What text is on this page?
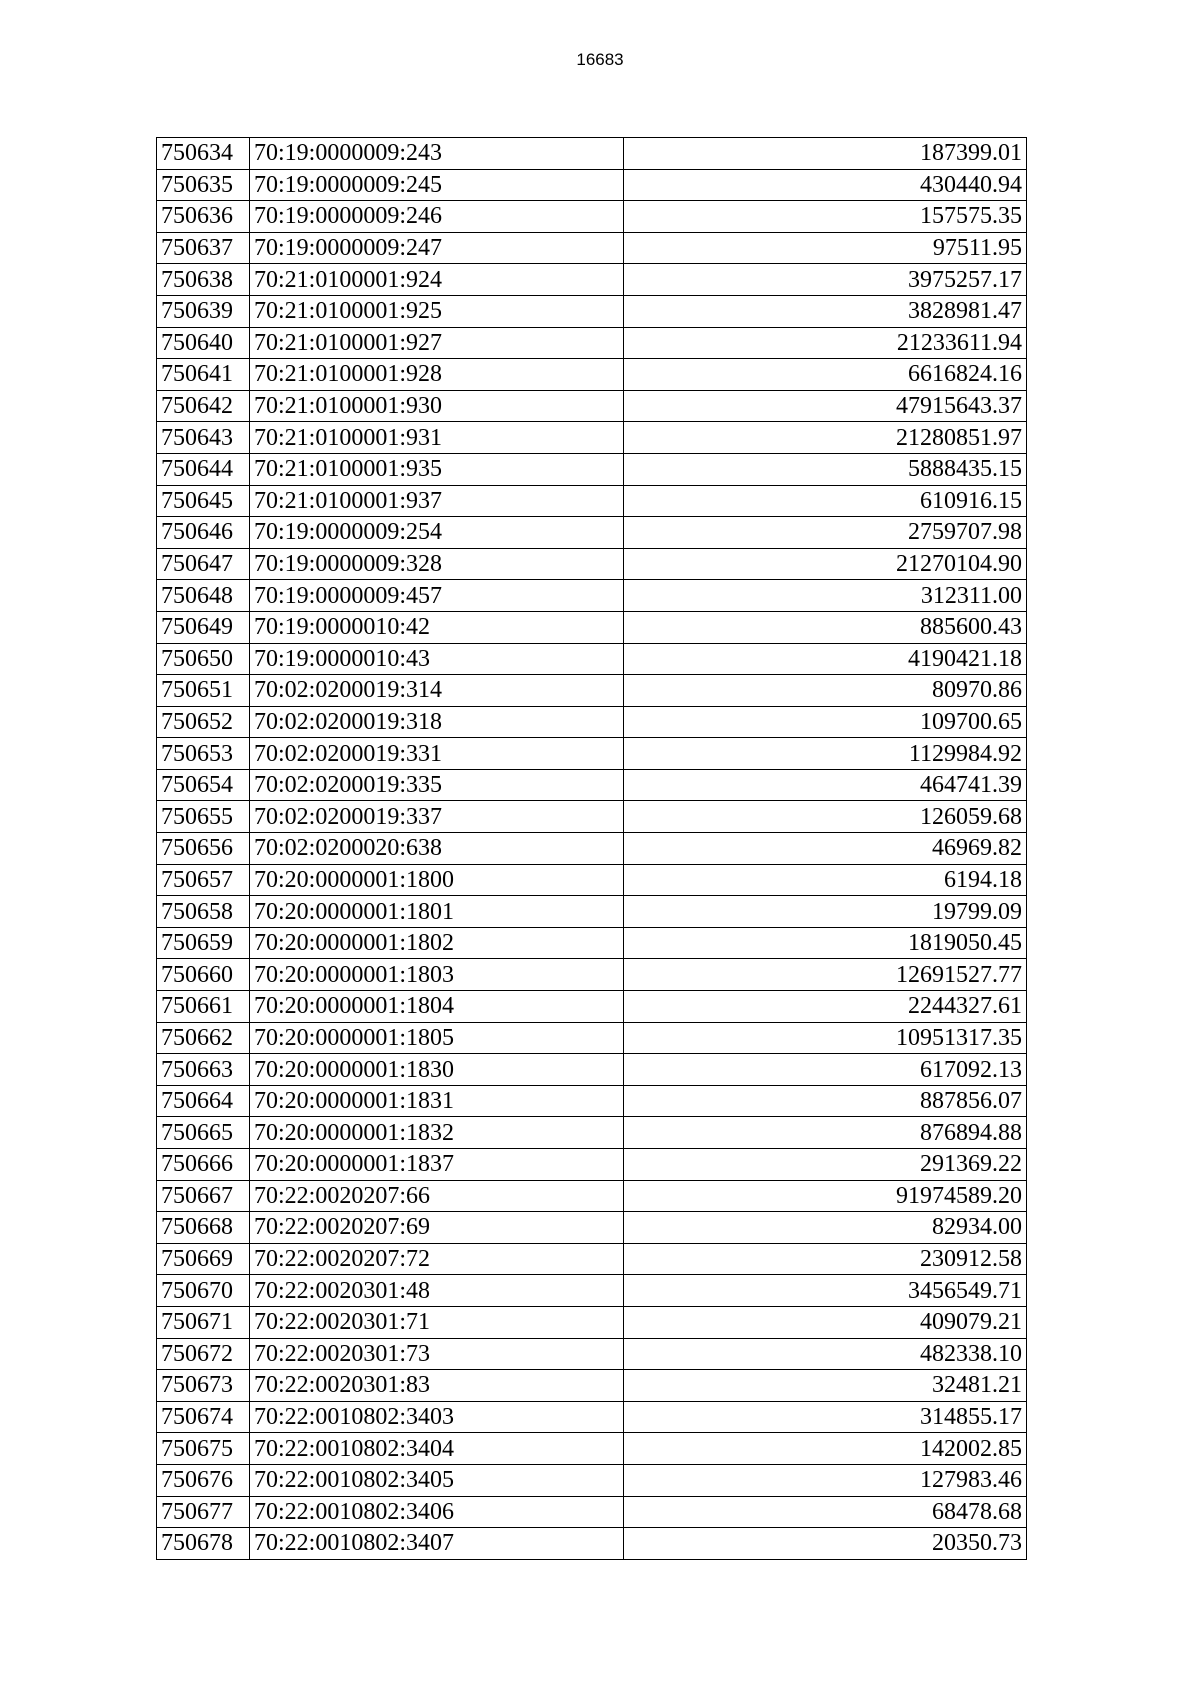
16683
750634	70:19:0000009:243	187399.01
750635	70:19:0000009:245	430440.94
750636	70:19:0000009:246	157575.35
750637	70:19:0000009:247	97511.95
750638	70:21:0100001:924	3975257.17
750639	70:21:0100001:925	3828981.47
750640	70:21:0100001:927	21233611.94
750641	70:21:0100001:928	6616824.16
750642	70:21:0100001:930	47915643.37
750643	70:21:0100001:931	21280851.97
750644	70:21:0100001:935	5888435.15
750645	70:21:0100001:937	610916.15
750646	70:19:0000009:254	2759707.98
750647	70:19:0000009:328	21270104.90
750648	70:19:0000009:457	312311.00
750649	70:19:0000010:42	885600.43
750650	70:19:0000010:43	4190421.18
750651	70:02:0200019:314	80970.86
750652	70:02:0200019:318	109700.65
750653	70:02:0200019:331	1129984.92
750654	70:02:0200019:335	464741.39
750655	70:02:0200019:337	126059.68
750656	70:02:0200020:638	46969.82
750657	70:20:0000001:1800	6194.18
750658	70:20:0000001:1801	19799.09
750659	70:20:0000001:1802	1819050.45
750660	70:20:0000001:1803	12691527.77
750661	70:20:0000001:1804	2244327.61
750662	70:20:0000001:1805	10951317.35
750663	70:20:0000001:1830	617092.13
750664	70:20:0000001:1831	887856.07
750665	70:20:0000001:1832	876894.88
750666	70:20:0000001:1837	291369.22
750667	70:22:0020207:66	91974589.20
750668	70:22:0020207:69	82934.00
750669	70:22:0020207:72	230912.58
750670	70:22:0020301:48	3456549.71
750671	70:22:0020301:71	409079.21
750672	70:22:0020301:73	482338.10
750673	70:22:0020301:83	32481.21
750674	70:22:0010802:3403	314855.17
750675	70:22:0010802:3404	142002.85
750676	70:22:0010802:3405	127983.46
750677	70:22:0010802:3406	68478.68
750678	70:22:0010802:3407	20350.73
